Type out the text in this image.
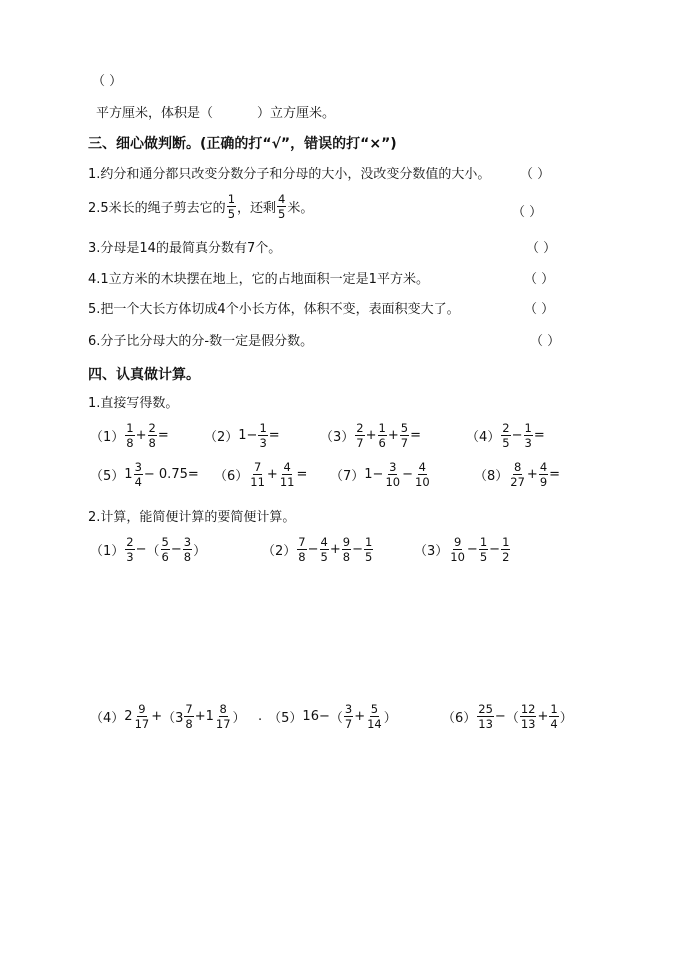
（ ）
平方厘米，体积是（	）立方厘米。
三、细心做判断。(正确的打“√”，错误的打“×”)
1.约分和通分都只改变分数分子和分母的大小，没改变分数值的大小。 （ ）
2.5米长的绳子剪去它的 $\frac{1}{5}$ ，还剩 $\frac{4}{5}$ 米。	（ ）
3.分母是14的最简真分数有7个。	（ ）
4.1立方米的木块摆在地上，它的占地面积一定是1平方米。	（ ）
5.把一个大长方体切成4个小长方体，体积不变，表面积变大了。	（ ）
6.分子比分母大的分-数一定是假分数。	（ ）
四、认真做计算。
1.直接写得数。
$(1) \frac{1}{8} + \frac{2}{8}$ =	（2） $1- \frac{1}{3}$ =	$(3) \frac{2}{7} + \frac{1}{6} + \frac{5}{7}$ =	$(4) \frac{2}{5} - \frac{1}{3}$ =
（5） $1 \frac{3}{4} - 0.75= (6) \frac{7}{11} + \frac{4}{11} = (7)$ $1- \frac{3}{10} - \frac{4}{10}$	$(8) \frac{8}{27} + \frac{4}{9}$ =
2.计算，能简便计算的要简便计算。
$(1) \frac{2}{3}$ − （ $\frac{5}{6} - \frac{3}{8}$ ）	$(2) \frac{7}{8} - \frac{4}{5} + \frac{9}{8} - \frac{1}{5}$	$(3) \frac{9}{10} - \frac{1}{5} - \frac{1}{2}$
（4） $2 \frac{9}{17} + (3 \frac{7}{8} +1 \frac{8}{17}$ ） . （5） 16− （ $\frac{3}{7} + \frac{5}{14}$ ）	$(6) \frac{25}{13}$ − （ $\frac{12}{13} + \frac{1}{4}$ ）
